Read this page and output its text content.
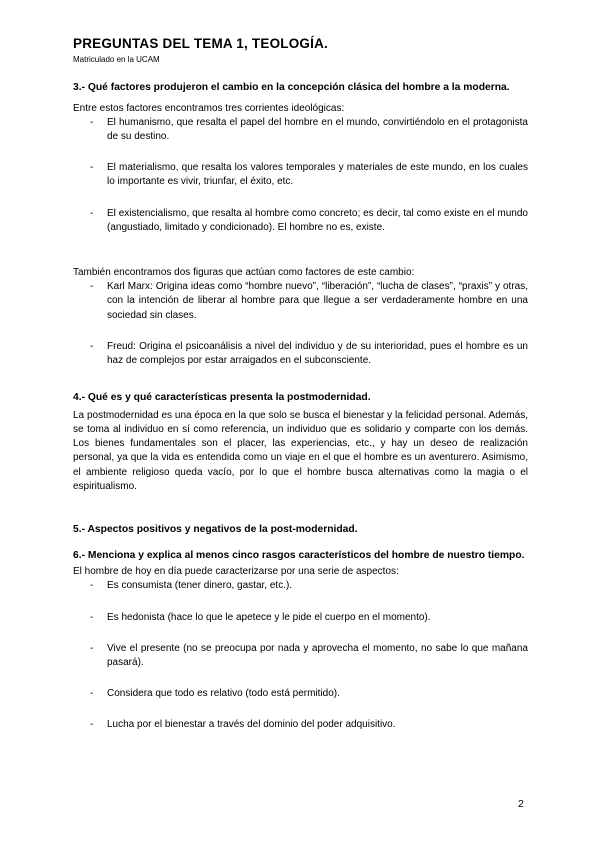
PREGUNTAS DEL TEMA 1, TEOLOGÍA.

Matriculado en la UCAM

3.- Qué factores produjeron el cambio en la concepción clásica del hombre a la moderna.

Entre estos factores encontramos tres corrientes ideológicas:

- El humanismo, que resalta el papel del hombre en el mundo, convirtiéndolo en el protagonista de su destino.
- El materialismo, que resalta los valores temporales y materiales de este mundo, en los cuales lo importante es vivir, triunfar, el éxito, etc.
- El existencialismo, que resalta al hombre como concreto; es decir, tal como existe en el mundo (angustiado, limitado y condicionado). El hombre no es, existe.

También encontramos dos figuras que actúan como factores de este cambio:

- Karl Marx: Origina ideas como “hombre nuevo”, “liberación”, “lucha de clases”, “praxis” y otras, con la intención de liberar al hombre para que llegue a ser verdaderamente hombre en una sociedad sin clases.
- Freud: Origina el psicoanálisis a nivel del individuo y de su interioridad, pues el hombre es un haz de complejos por estar arraigados en el subconsciente.

4.- Qué es y qué características presenta la postmodernidad.

La postmodernidad es una época en la que solo se busca el bienestar y la felicidad personal. Además, se toma al individuo en sí como referencia, un individuo que es solidario y comparte con los demás. Los bienes fundamentales son el placer, las experiencias, etc., y hay un deseo de realización personal, ya que la vida es entendida como un viaje en el que el hombre es un aventurero. Asimismo, el ambiente religioso queda vacío, por lo que el hombre busca alternativas como la magia o el espiritualismo.

5.- Aspectos positivos y negativos de la post-modernidad.

6.- Menciona y explica al menos cinco rasgos característicos del hombre de nuestro tiempo.

El hombre de hoy en día puede caracterizarse por una serie de aspectos:

- Es consumista (tener dinero, gastar, etc.).
- Es hedonista (hace lo que le apetece y le pide el cuerpo en el momento).
- Vive el presente (no se preocupa por nada y aprovecha el momento, no sabe lo que mañana pasará).
- Considera que todo es relativo (todo está permitido).
- Lucha por el bienestar a través del dominio del poder adquisitivo.
2
